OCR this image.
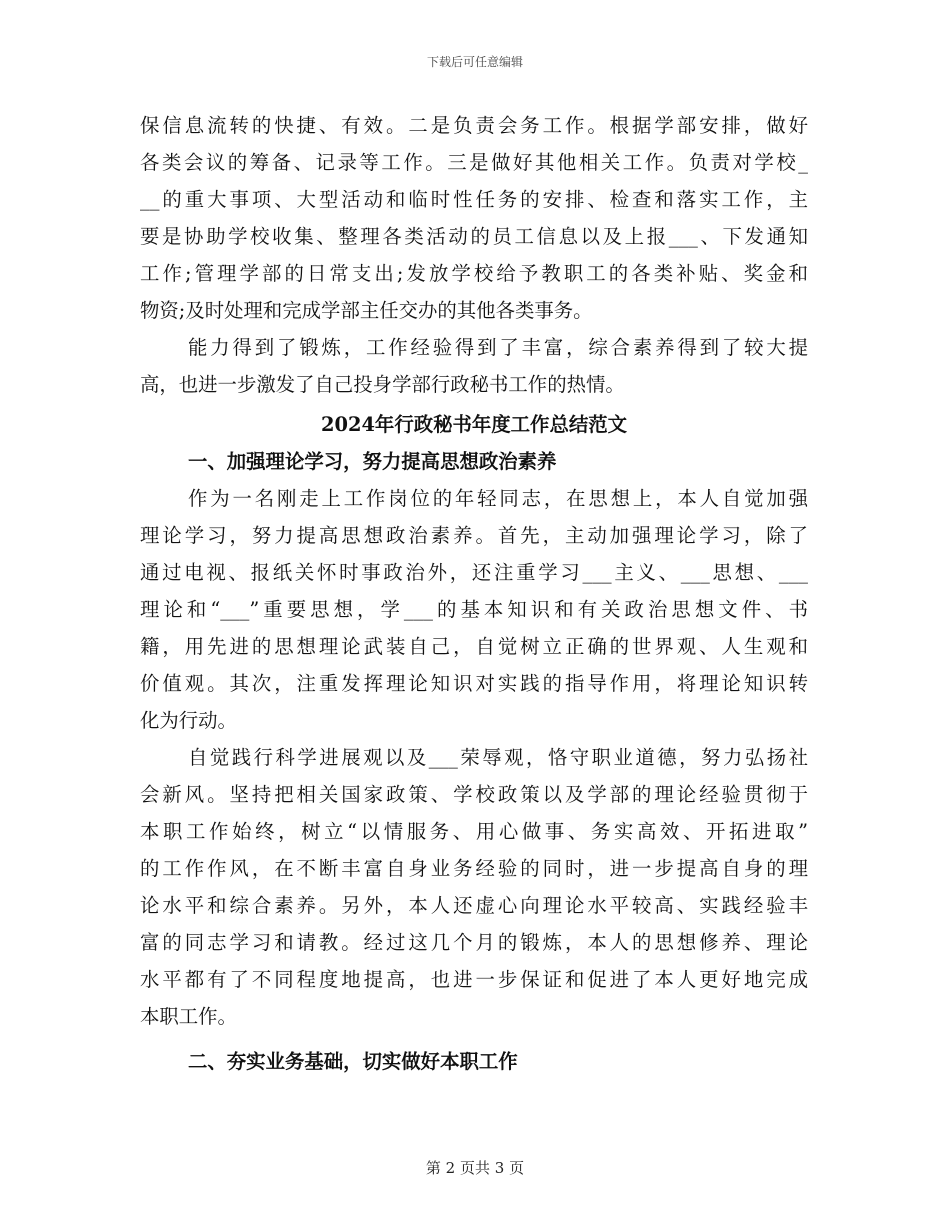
下载后可任意编辑
保信息流转的快捷、有效。二是负责会务工作。根据学部安排，做好
各类会议的筹备、记录等工作。三是做好其他相关工作。负责对学校_
__的重大事项、大型活动和临时性任务的安排、检查和落实工作，主
要是协助学校收集、整理各类活动的员工信息以及上报___、下发通知
工作;管理学部的日常支出;发放学校给予教职工的各类补贴、奖金和
物资;及时处理和完成学部主任交办的其他各类事务。
能力得到了锻炼，工作经验得到了丰富，综合素养得到了较大提
高，也进一步激发了自己投身学部行政秘书工作的热情。
2024年行政秘书年度工作总结范文
一、加强理论学习，努力提高思想政治素养
作为一名刚走上工作岗位的年轻同志，在思想上，本人自觉加强
理论学习，努力提高思想政治素养。首先，主动加强理论学习，除了
通过电视、报纸关怀时事政治外，还注重学习___主义、___思想、___
理论和“___”重要思想，学___的基本知识和有关政治思想文件、书
籍，用先进的思想理论武装自己，自觉树立正确的世界观、人生观和
价值观。其次，注重发挥理论知识对实践的指导作用，将理论知识转
化为行动。
自觉践行科学进展观以及___荣辱观，恪守职业道德，努力弘扬社
会新风。坚持把相关国家政策、学校政策以及学部的理论经验贯彻于
本职工作始终，树立“以情服务、用心做事、务实高效、开拓进取”
的工作作风，在不断丰富自身业务经验的同时，进一步提高自身的理
论水平和综合素养。另外，本人还虚心向理论水平较高、实践经验丰
富的同志学习和请教。经过这几个月的锻炼，本人的思想修养、理论
水平都有了不同程度地提高，也进一步保证和促进了本人更好地完成
本职工作。
二、夯实业务基础，切实做好本职工作
第 2 页共 3 页
